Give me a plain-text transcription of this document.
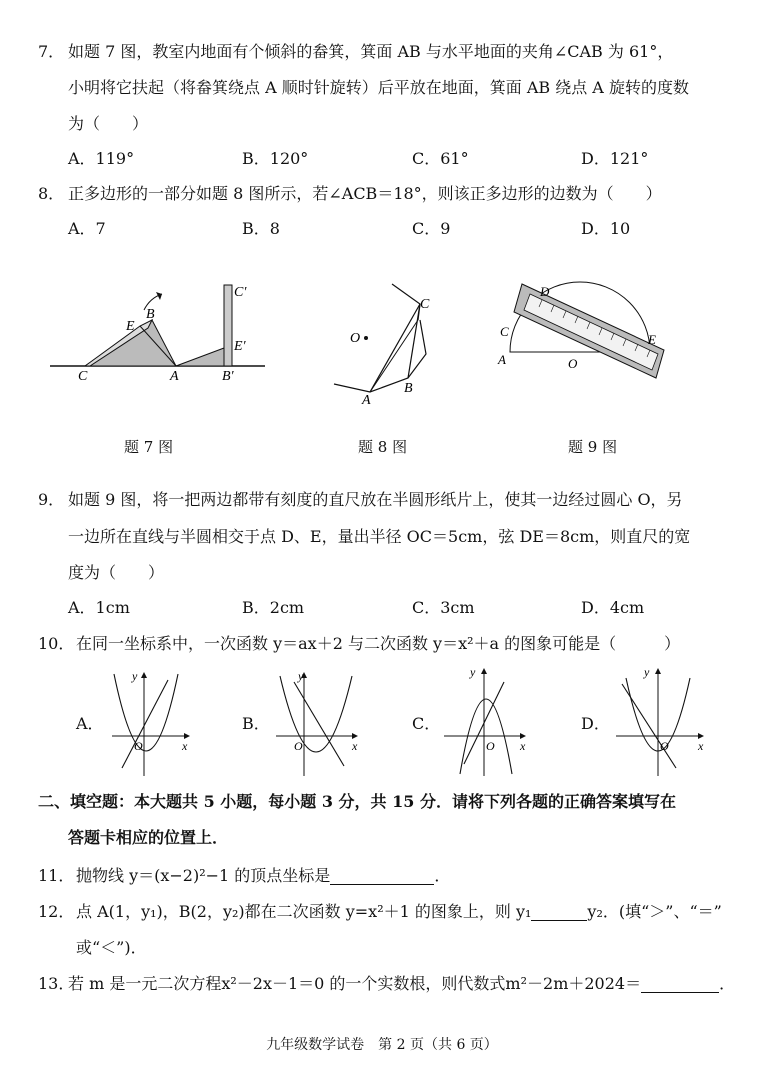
7． 如题 7 图，教室内地面有个倾斜的畚箕，箕面 AB 与水平地面的夹角∠CAB 为 61°，
小明将它扶起（将畚箕绕点 A 顺时针旋转）后平放在地面，箕面 AB 绕点 A 旋转的度数
为（　　）
A．119°	B．120°	C．61°	D．121°
8． 正多边形的一部分如题 8 图所示，若∠ACB＝18°，则该正多边形的边数为（　　）
A．7	B．8	C．9	D．10
C
E
B
A	B′
E′
C′
题 7 图
O
C
A
B
题 8 图
D
C
E
A	O
题 9 图
9． 如题 9 图，将一把两边都带有刻度的直尺放在半圆形纸片上，使其一边经过圆心 O，另
一边所在直线与半圆相交于点 D、E，量出半径 OC＝5cm，弦 DE＝8cm，则直尺的宽
度为（　　）
A．1cm	B．2cm	C．3cm	D．4cm
10． 在同一坐标系中，一次函数 y＝ax＋2 与二次函数 y＝x²＋a 的图象可能是（　　　）
A．	B．	C．	D．
y
x
O
y
x
O
y
x
O
y
x
O
二、填空题：本大题共 5 小题，每小题 3 分，共 15 分．请将下列各题的正确答案填写在
答题卡相应的位置上．
11． 抛物线 y＝(x−2)²−1 的顶点坐标是	．
12． 点 A(1，y₁)，B(2，y₂)都在二次函数 y=x²＋1 的图象上，则 y₁	y₂．(填“＞”、“＝”
或“＜”)．
13．
若 m 是一元二次方程x²－2x－1＝0 的一个实数根，则代数式m²－2m＋2024＝	．
九年级数学试卷　第 2 页（共 6 页）
